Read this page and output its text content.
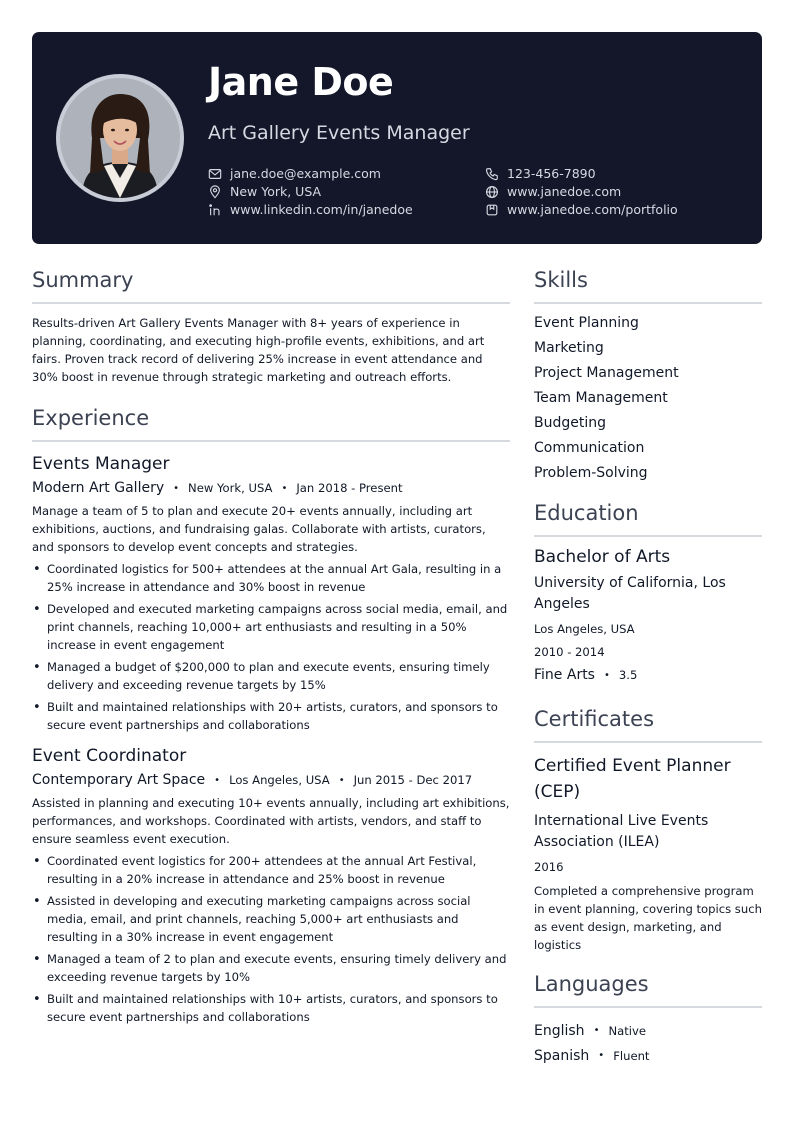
Jane Doe
Art Gallery Events Manager
jane.doe@example.com	123-456-7890
New York, USA	www.janedoe.com
www.linkedin.com/in/janedoe	www.janedoe.com/portfolio
Summary

Results-driven Art Gallery Events Manager with 8+ years of experience in planning, coordinating, and executing high-profile events, exhibitions, and art fairs. Proven track record of delivering 25% increase in event attendance and 30% boost in revenue through strategic marketing and outreach efforts.

Experience
Events Manager
Modern Art Gallery • New York, USA • Jan 2018 - Present

Manage a team of 5 to plan and execute 20+ events annually, including art exhibitions, auctions, and fundraising galas. Collaborate with artists, curators, and sponsors to develop event concepts and strategies.

• Coordinated logistics for 500+ attendees at the annual Art Gala, resulting in a 25% increase in attendance and 30% boost in revenue
• Developed and executed marketing campaigns across social media, email, and print channels, reaching 10,000+ art enthusiasts and resulting in a 50% increase in event engagement
• Managed a budget of $200,000 to plan and execute events, ensuring timely delivery and exceeding revenue targets by 15%
• Built and maintained relationships with 20+ artists, curators, and sponsors to secure event partnerships and collaborations
Event Coordinator
Contemporary Art Space • Los Angeles, USA • Jun 2015 - Dec 2017

Assisted in planning and executing 10+ events annually, including art exhibitions, performances, and workshops. Coordinated with artists, vendors, and staff to ensure seamless event execution.

• Coordinated event logistics for 200+ attendees at the annual Art Festival, resulting in a 20% increase in attendance and 25% boost in revenue
• Assisted in developing and executing marketing campaigns across social media, email, and print channels, reaching 5,000+ art enthusiasts and resulting in a 30% increase in event engagement
• Managed a team of 2 to plan and execute events, ensuring timely delivery and exceeding revenue targets by 10%
• Built and maintained relationships with 10+ artists, curators, and sponsors to secure event partnerships and collaborations
Skills
Event Planning
Marketing
Project Management
Team Management
Budgeting
Communication
Problem-Solving
Education
Bachelor of Arts
University of California, Los Angeles
Los Angeles, USA
2010 - 2014
Fine Arts • 3.5
Certificates
Certified Event Planner (CEP)
International Live Events Association (ILEA)
2016
Completed a comprehensive program in event planning, covering topics such as event design, marketing, and logistics
Languages
English • Native
Spanish • Fluent
